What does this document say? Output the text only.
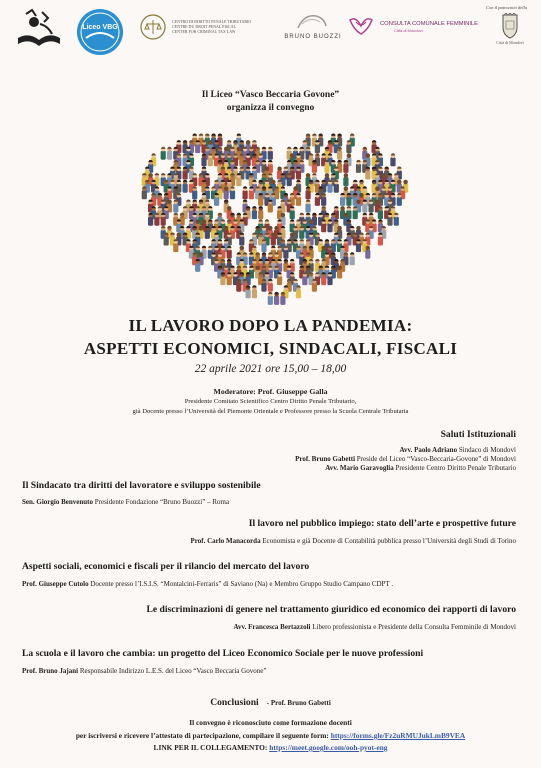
Liceo VBG
CENTRO DI DIRITTO PENALE TRIBUTARIO
CENTRE DU DROIT PENAL FISCAL
CENTER FOR CRIMINAL TAX LAW
BRUNO BUOZZI
CONSULTA COMUNALE FEMMINILE
Città di Mondovì
Con il patrocinio della
Città di Mondovì
Il Liceo “Vasco Beccaria Govone”
organizza il convegno
IL LAVORO DOPO LA PANDEMIA:
ASPETTI ECONOMICI, SINDACALI, FISCALI
22 aprile 2021 ore 15,00 – 18,00
Moderatore: Prof. Giuseppe Galla
Presidente Comitato Scientifico Centro Diritto Penale Tributario,
già Docente presso l’Università del Piemonte Orientale e Professore presso la Scuola Centrale Tributaria
Saluti Istituzionali
Avv. Paolo Adriano Sindaco di Mondovì
Prof. Bruno Gabetti Preside del Liceo “Vasco-Beccaria-Govone” di Mondovì
Avv. Mario Garavoglia Presidente Centro Diritto Penale Tributario
Il Sindacato tra diritti del lavoratore e sviluppo sostenibile
Sen. Giorgio Benvenuto Presidente Fondazione “Bruno Buozzi” – Roma
Il lavoro nel pubblico impiego: stato dell’arte e prospettive future
Prof. Carlo Manacorda Economista e già Docente di Contabilità pubblica presso l’Università degli Studi di Torino
Aspetti sociali, economici e fiscali per il rilancio del mercato del lavoro
Prof. Giuseppe Cutolo Docente presso l’I.S.I.S. “Montalcini-Ferraris” di Saviano (Na) e Membro Gruppo Studio Campano CDPT .
Le discriminazioni di genere nel trattamento giuridico ed economico dei rapporti di lavoro
Avv. Francesca Bertazzoli Libero professionista e Presidente della Consulta Femminile di Mondovì
La scuola e il lavoro che cambia: un progetto del Liceo Economico Sociale per le nuove professioni
Prof. Bruno Jajani Responsabile Indirizzo L.E.S. del Liceo “Vasco Beccaria Govone”
Conclusioni - Prof. Bruno Gabetti
Il convegno è riconosciuto come formazione docenti
per iscriversi e ricevere l’attestato di partecipazione, compilare il seguente form: https://forms.gle/Fz2uRMUJukLmB9VEA
LINK PER IL COLLEGAMENTO: https://meet.google.com/ooh-pyot-eng
